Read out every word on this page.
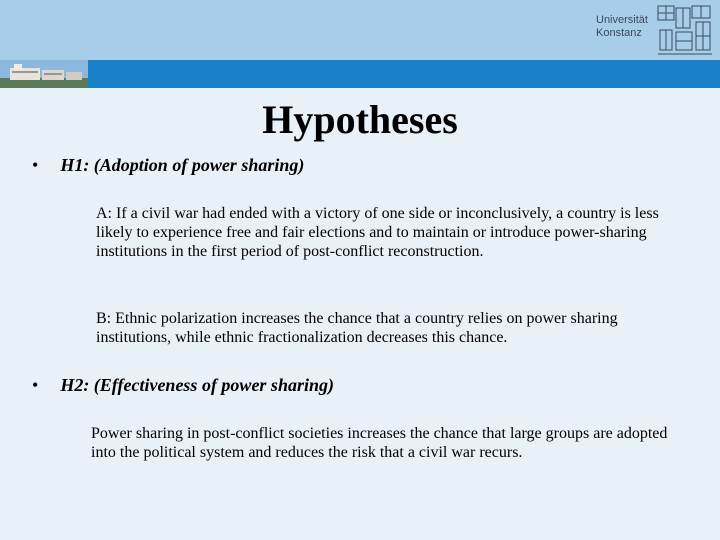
Universität
Konstanz
Hypotheses
• H1: (Adoption of power sharing)
A: If a civil war had ended with a victory of one side or inconclusively, a country is less likely to experience free and fair elections and to maintain or introduce power-sharing institutions in the first period of post-conflict reconstruction.
B: Ethnic polarization increases the chance that a country relies on power sharing institutions, while ethnic fractionalization decreases this chance.
• H2: (Effectiveness of power sharing)
Power sharing in post-conflict societies increases the chance that large groups are adopted into the political system and reduces the risk that a civil war recurs.
